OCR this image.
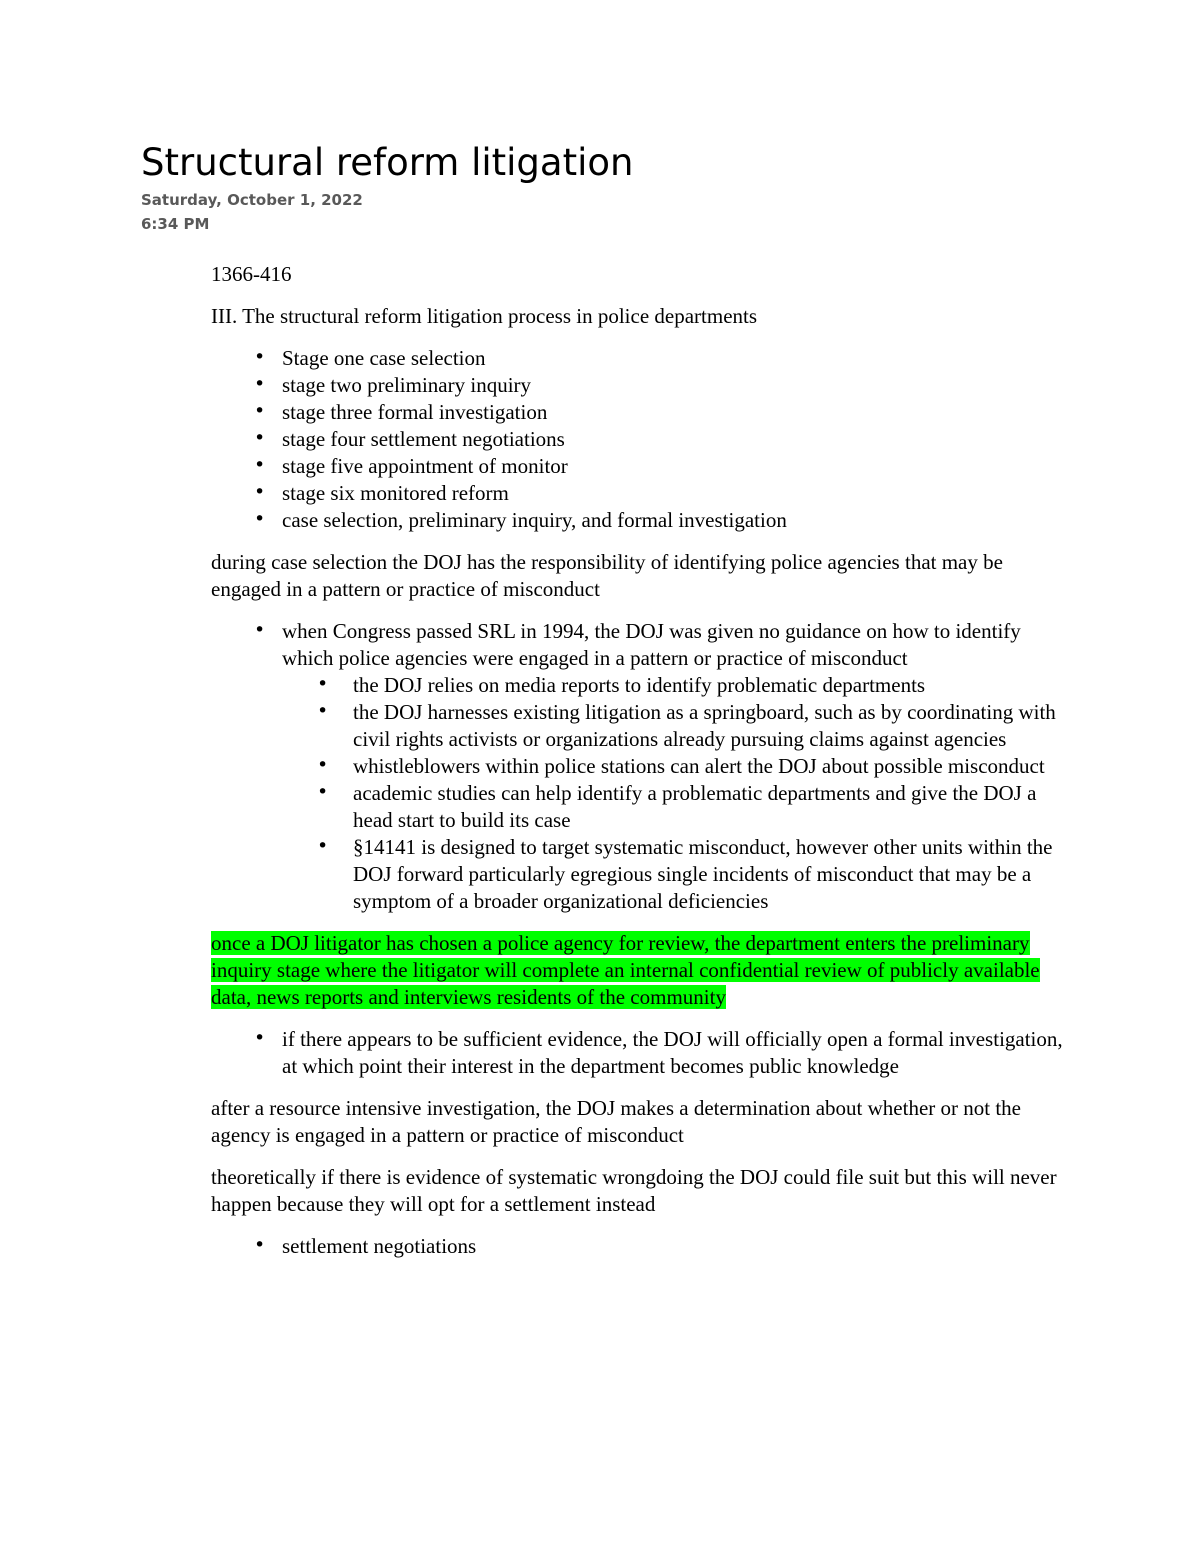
Structural reform litigation
Saturday, October 1, 2022
6:34 PM

1366-416

III. The structural reform litigation process in police departments

• Stage one case selection
• stage two preliminary inquiry
• stage three formal investigation
• stage four settlement negotiations
• stage five appointment of monitor
• stage six monitored reform
• case selection, preliminary inquiry, and formal investigation

during case selection the DOJ has the responsibility of identifying police agencies that may be engaged in a pattern or practice of misconduct

• when Congress passed SRL in 1994, the DOJ was given no guidance on how to identify which police agencies were engaged in a pattern or practice of misconduct
• the DOJ relies on media reports to identify problematic departments
• the DOJ harnesses existing litigation as a springboard, such as by coordinating with civil rights activists or organizations already pursuing claims against agencies
• whistleblowers within police stations can alert the DOJ about possible misconduct
• academic studies can help identify a problematic departments and give the DOJ a head start to build its case
• §14141 is designed to target systematic misconduct, however other units within the DOJ forward particularly egregious single incidents of misconduct that may be a symptom of a broader organizational deficiencies

once a DOJ litigator has chosen a police agency for review, the department enters the preliminary inquiry stage where the litigator will complete an internal confidential review of publicly available data, news reports and interviews residents of the community

• if there appears to be sufficient evidence, the DOJ will officially open a formal investigation, at which point their interest in the department becomes public knowledge

after a resource intensive investigation, the DOJ makes a determination about whether or not the agency is engaged in a pattern or practice of misconduct

theoretically if there is evidence of systematic wrongdoing the DOJ could file suit but this will never happen because they will opt for a settlement instead

• settlement negotiations
